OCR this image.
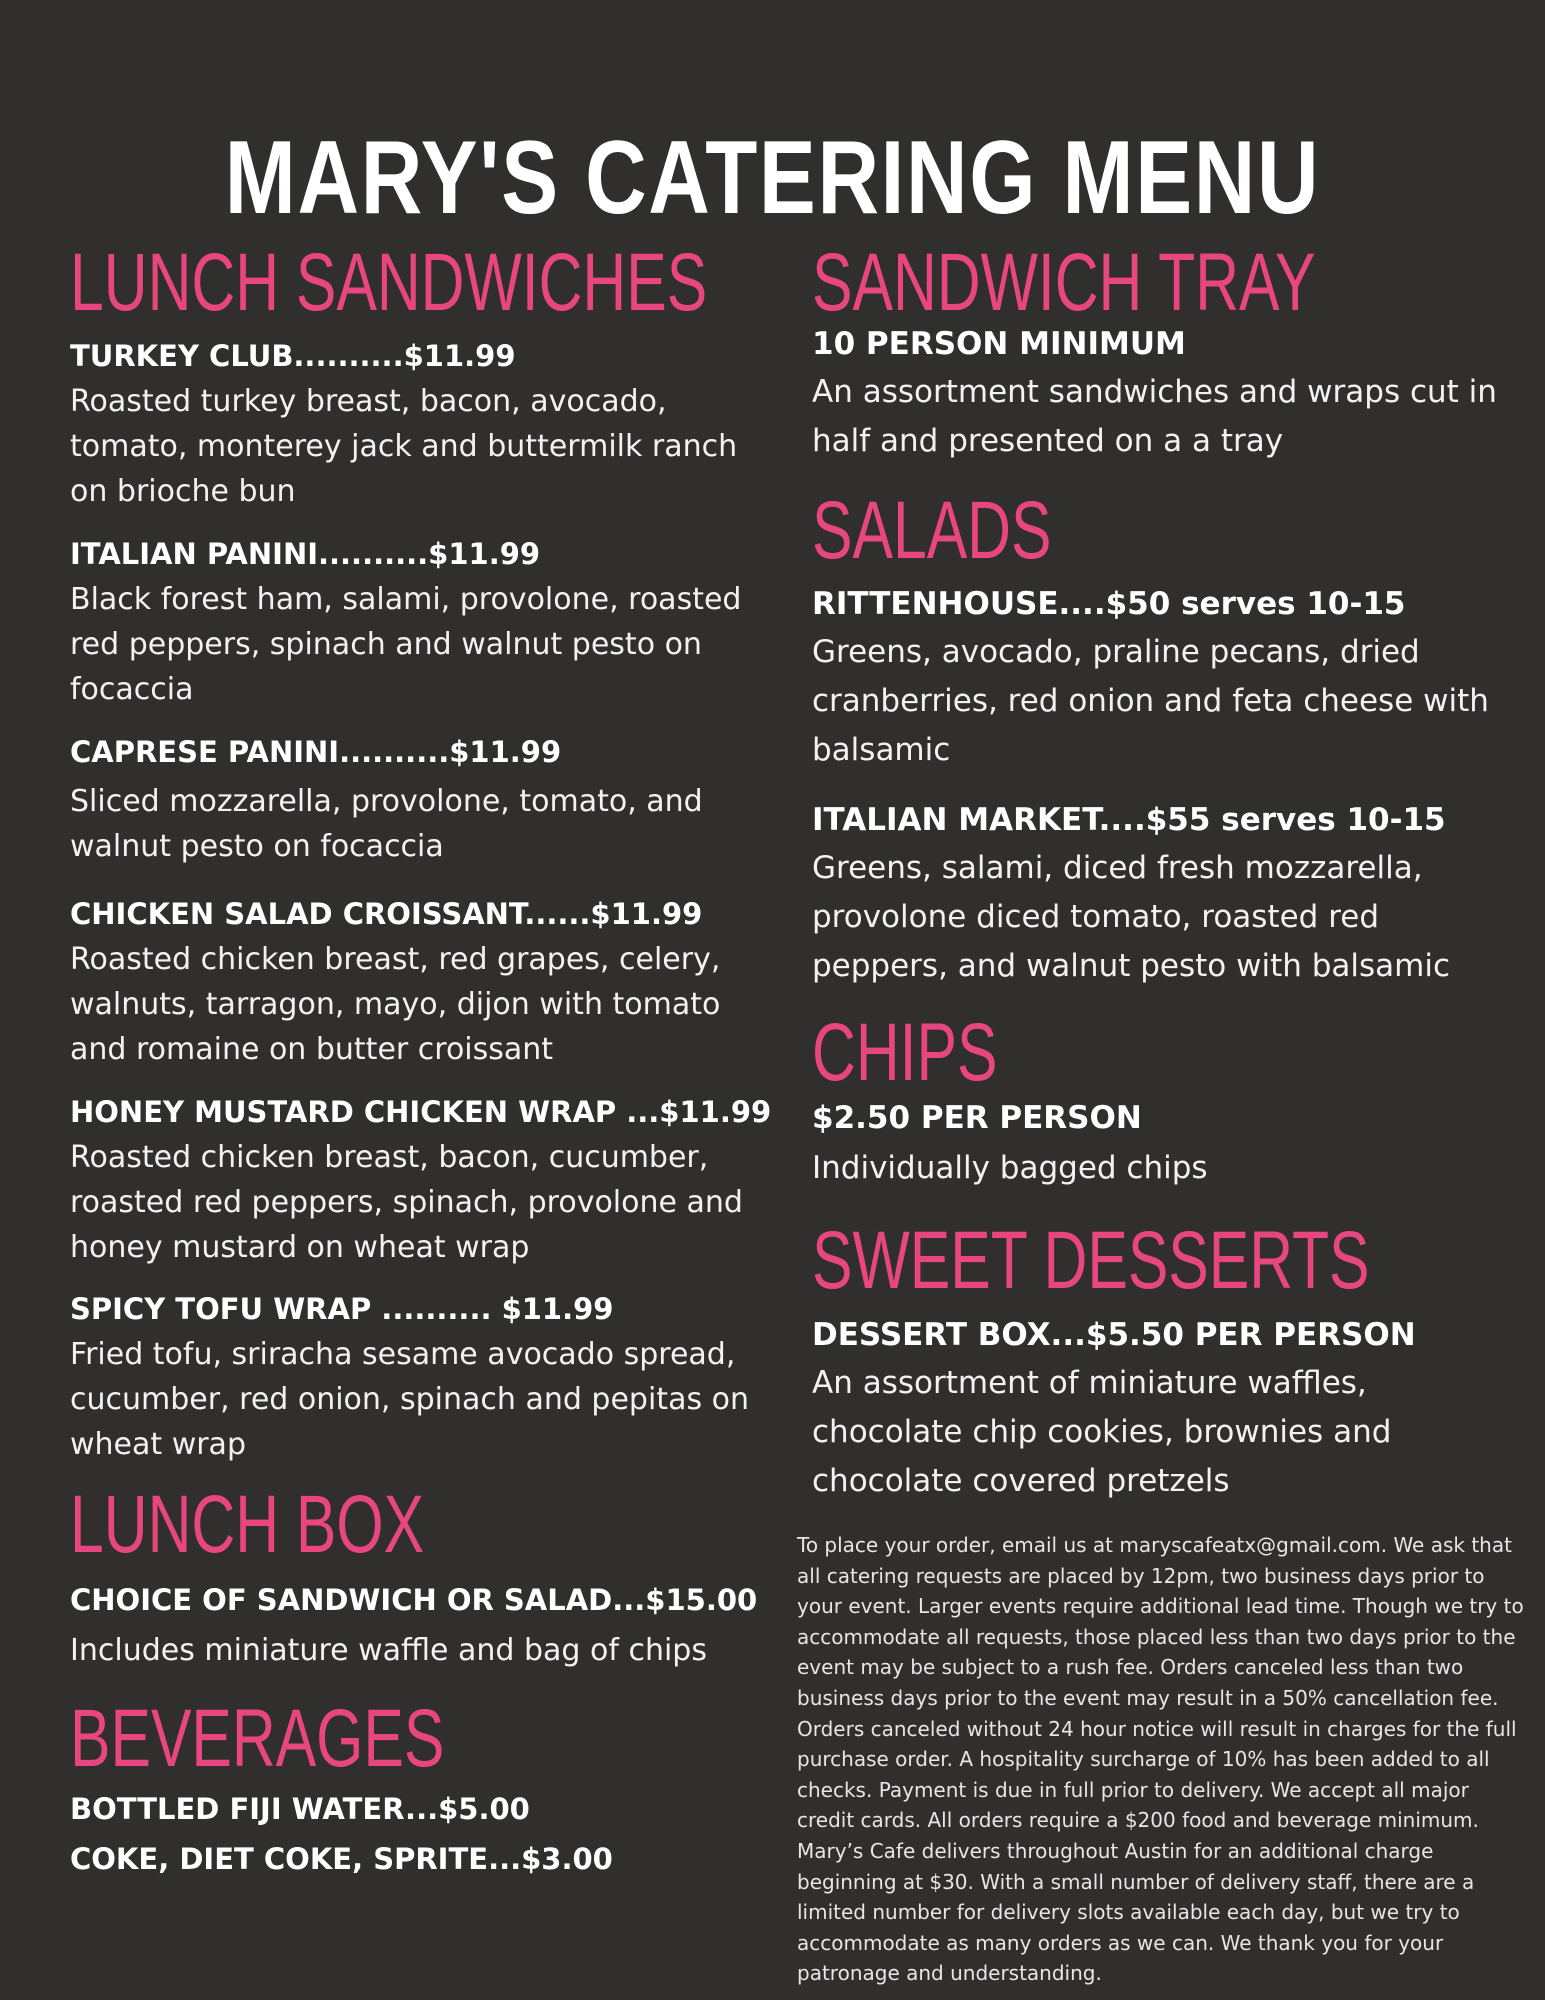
MARY'S CATERING MENU
LUNCH SANDWICHES
TURKEY CLUB..........$11.99
Roasted turkey breast, bacon, avocado, tomato, monterey jack and buttermilk ranch on brioche bun
ITALIAN PANINI..........$11.99
Black forest ham, salami, provolone, roasted red peppers, spinach and walnut pesto on focaccia
CAPRESE PANINI..........$11.99
Sliced mozzarella, provolone, tomato, and walnut pesto on focaccia
CHICKEN SALAD CROISSANT......$11.99
Roasted chicken breast, red grapes, celery, walnuts, tarragon, mayo, dijon with tomato and romaine on butter croissant
HONEY MUSTARD CHICKEN WRAP ...$11.99
Roasted chicken breast, bacon, cucumber, roasted red peppers, spinach, provolone and honey mustard on wheat wrap
SPICY TOFU WRAP .......... $11.99
Fried tofu, sriracha sesame avocado spread, cucumber, red onion, spinach and pepitas on wheat wrap
LUNCH BOX
CHOICE OF SANDWICH OR SALAD...$15.00
Includes miniature waffle and bag of chips
BEVERAGES
BOTTLED FIJI WATER...$5.00
COKE, DIET COKE, SPRITE...$3.00
SANDWICH TRAY
10 PERSON MINIMUM
An assortment sandwiches and wraps cut in half and presented on a a tray
SALADS
RITTENHOUSE....$50 serves 10-15
Greens, avocado, praline pecans, dried cranberries, red onion and feta cheese with balsamic
ITALIAN MARKET....$55 serves 10-15
Greens, salami, diced fresh mozzarella, provolone diced tomato, roasted red peppers, and walnut pesto with balsamic
CHIPS
$2.50 PER PERSON
Individually bagged chips
SWEET DESSERTS
DESSERT BOX...$5.50 PER PERSON
An assortment of miniature waffles, chocolate chip cookies, brownies and chocolate covered pretzels

To place your order, email us at maryscafeatx@gmail.com. We ask that all catering requests are placed by 12pm, two business days prior to your event. Larger events require additional lead time. Though we try to accommodate all requests, those placed less than two days prior to the event may be subject to a rush fee. Orders canceled less than two business days prior to the event may result in a 50% cancellation fee. Orders canceled without 24 hour notice will result in charges for the full purchase order. A hospitality surcharge of 10% has been added to all checks. Payment is due in full prior to delivery. We accept all major credit cards. All orders require a $200 food and beverage minimum. Mary’s Cafe delivers throughout Austin for an additional charge beginning at $30. With a small number of delivery staff, there are a limited number for delivery slots available each day, but we try to accommodate as many orders as we can. We thank you for your patronage and understanding.
